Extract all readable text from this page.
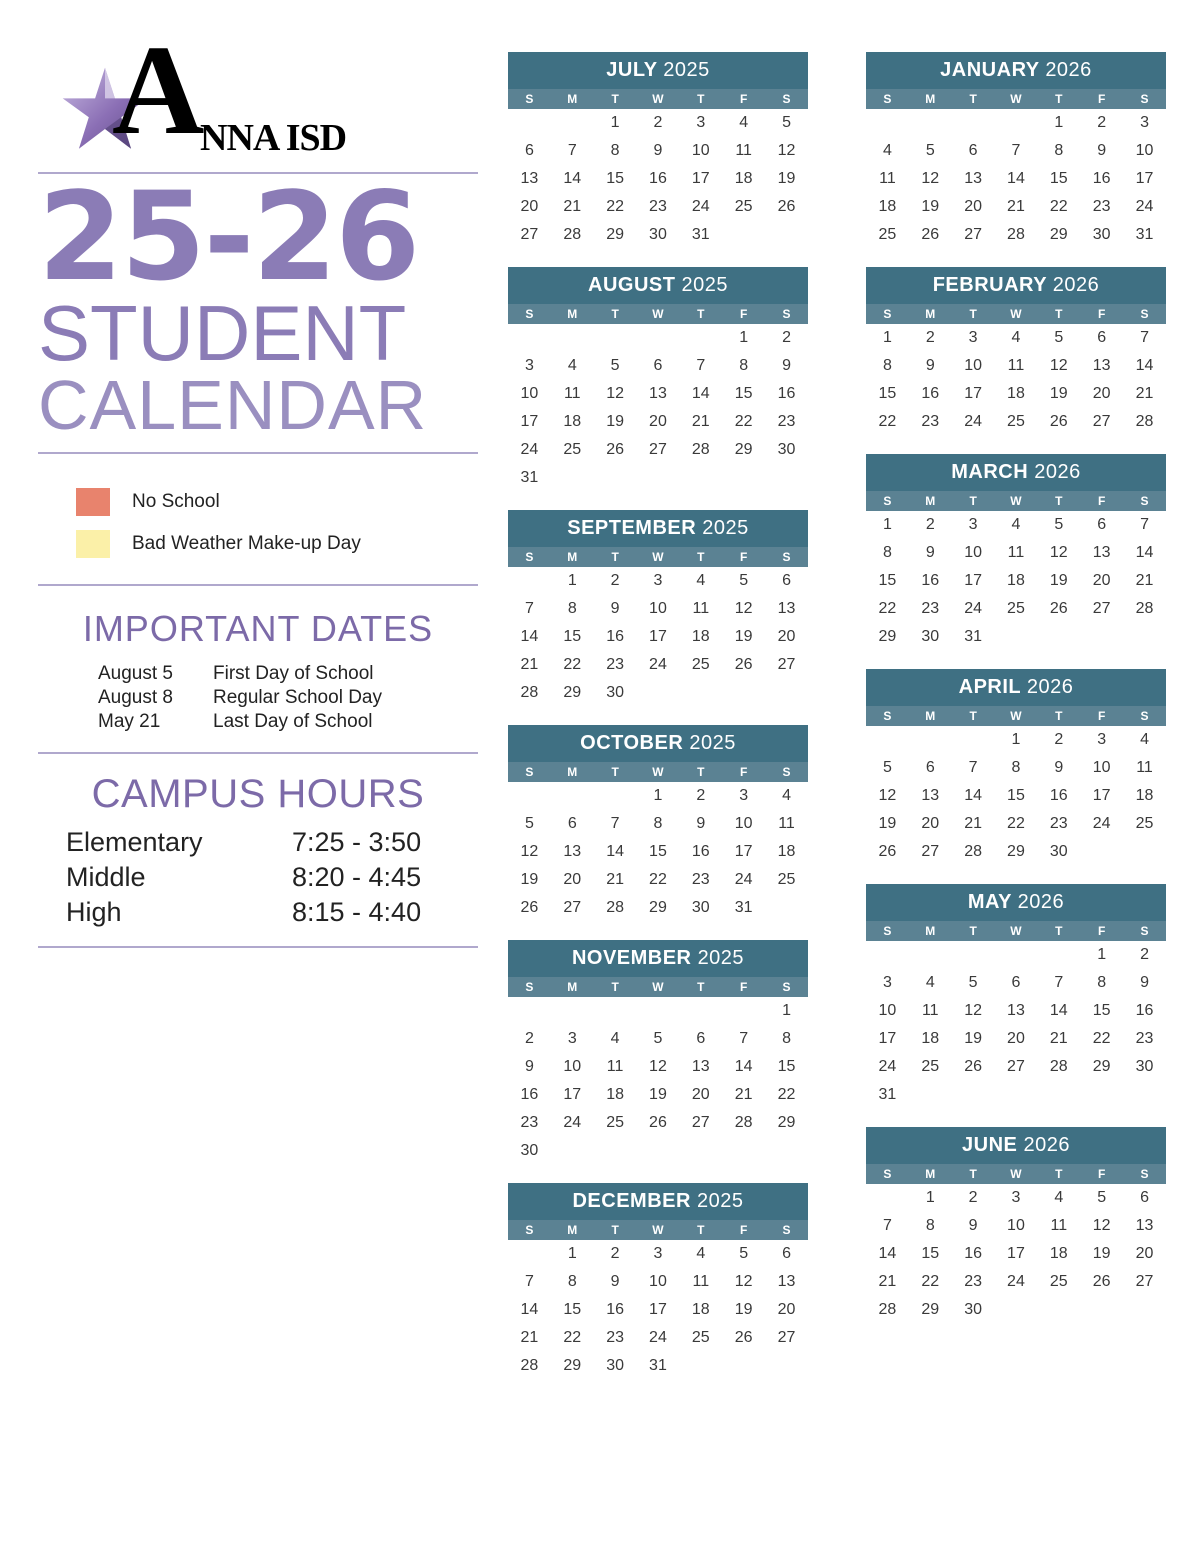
A NNA ISD
25-26
STUDENT
CALENDAR
No School
Bad Weather Make-up Day
IMPORTANT DATES
August 5	First Day of School
August 8	Regular School Day
May 21	Last Day of School
CAMPUS HOURS
Elementary	7:25 - 3:50
Middle	8:20 - 4:45
High	8:15 - 4:40
JULY 2025
S	M	T	W	T	F	S
		1	2	3	4	5
6	7	8	9	10	11	12
13	14	15	16	17	18	19
20	21	22	23	24	25	26
27	28	29	30	31		
AUGUST 2025
S	M	T	W	T	F	S
					1	2
3	4	5	6	7	8	9
10	11	12	13	14	15	16
17	18	19	20	21	22	23
24	25	26	27	28	29	30
31						
SEPTEMBER 2025
S	M	T	W	T	F	S
	1	2	3	4	5	6
7	8	9	10	11	12	13
14	15	16	17	18	19	20
21	22	23	24	25	26	27
28	29	30				
OCTOBER 2025
S	M	T	W	T	F	S
			1	2	3	4
5	6	7	8	9	10	11
12	13	14	15	16	17	18
19	20	21	22	23	24	25
26	27	28	29	30	31	
NOVEMBER 2025
S	M	T	W	T	F	S
						1
2	3	4	5	6	7	8
9	10	11	12	13	14	15
16	17	18	19	20	21	22
23	24	25	26	27	28	29
30						
DECEMBER 2025
S	M	T	W	T	F	S
	1	2	3	4	5	6
7	8	9	10	11	12	13
14	15	16	17	18	19	20
21	22	23	24	25	26	27
28	29	30	31			
JANUARY 2026
S	M	T	W	T	F	S
				1	2	3
4	5	6	7	8	9	10
11	12	13	14	15	16	17
18	19	20	21	22	23	24
25	26	27	28	29	30	31
FEBRUARY 2026
S	M	T	W	T	F	S
1	2	3	4	5	6	7
8	9	10	11	12	13	14
15	16	17	18	19	20	21
22	23	24	25	26	27	28
MARCH 2026
S	M	T	W	T	F	S
1	2	3	4	5	6	7
8	9	10	11	12	13	14
15	16	17	18	19	20	21
22	23	24	25	26	27	28
29	30	31				
APRIL 2026
S	M	T	W	T	F	S
			1	2	3	4
5	6	7	8	9	10	11
12	13	14	15	16	17	18
19	20	21	22	23	24	25
26	27	28	29	30		
MAY 2026
S	M	T	W	T	F	S
					1	2
3	4	5	6	7	8	9
10	11	12	13	14	15	16
17	18	19	20	21	22	23
24	25	26	27	28	29	30
31						
JUNE 2026
S	M	T	W	T	F	S
	1	2	3	4	5	6
7	8	9	10	11	12	13
14	15	16	17	18	19	20
21	22	23	24	25	26	27
28	29	30				
